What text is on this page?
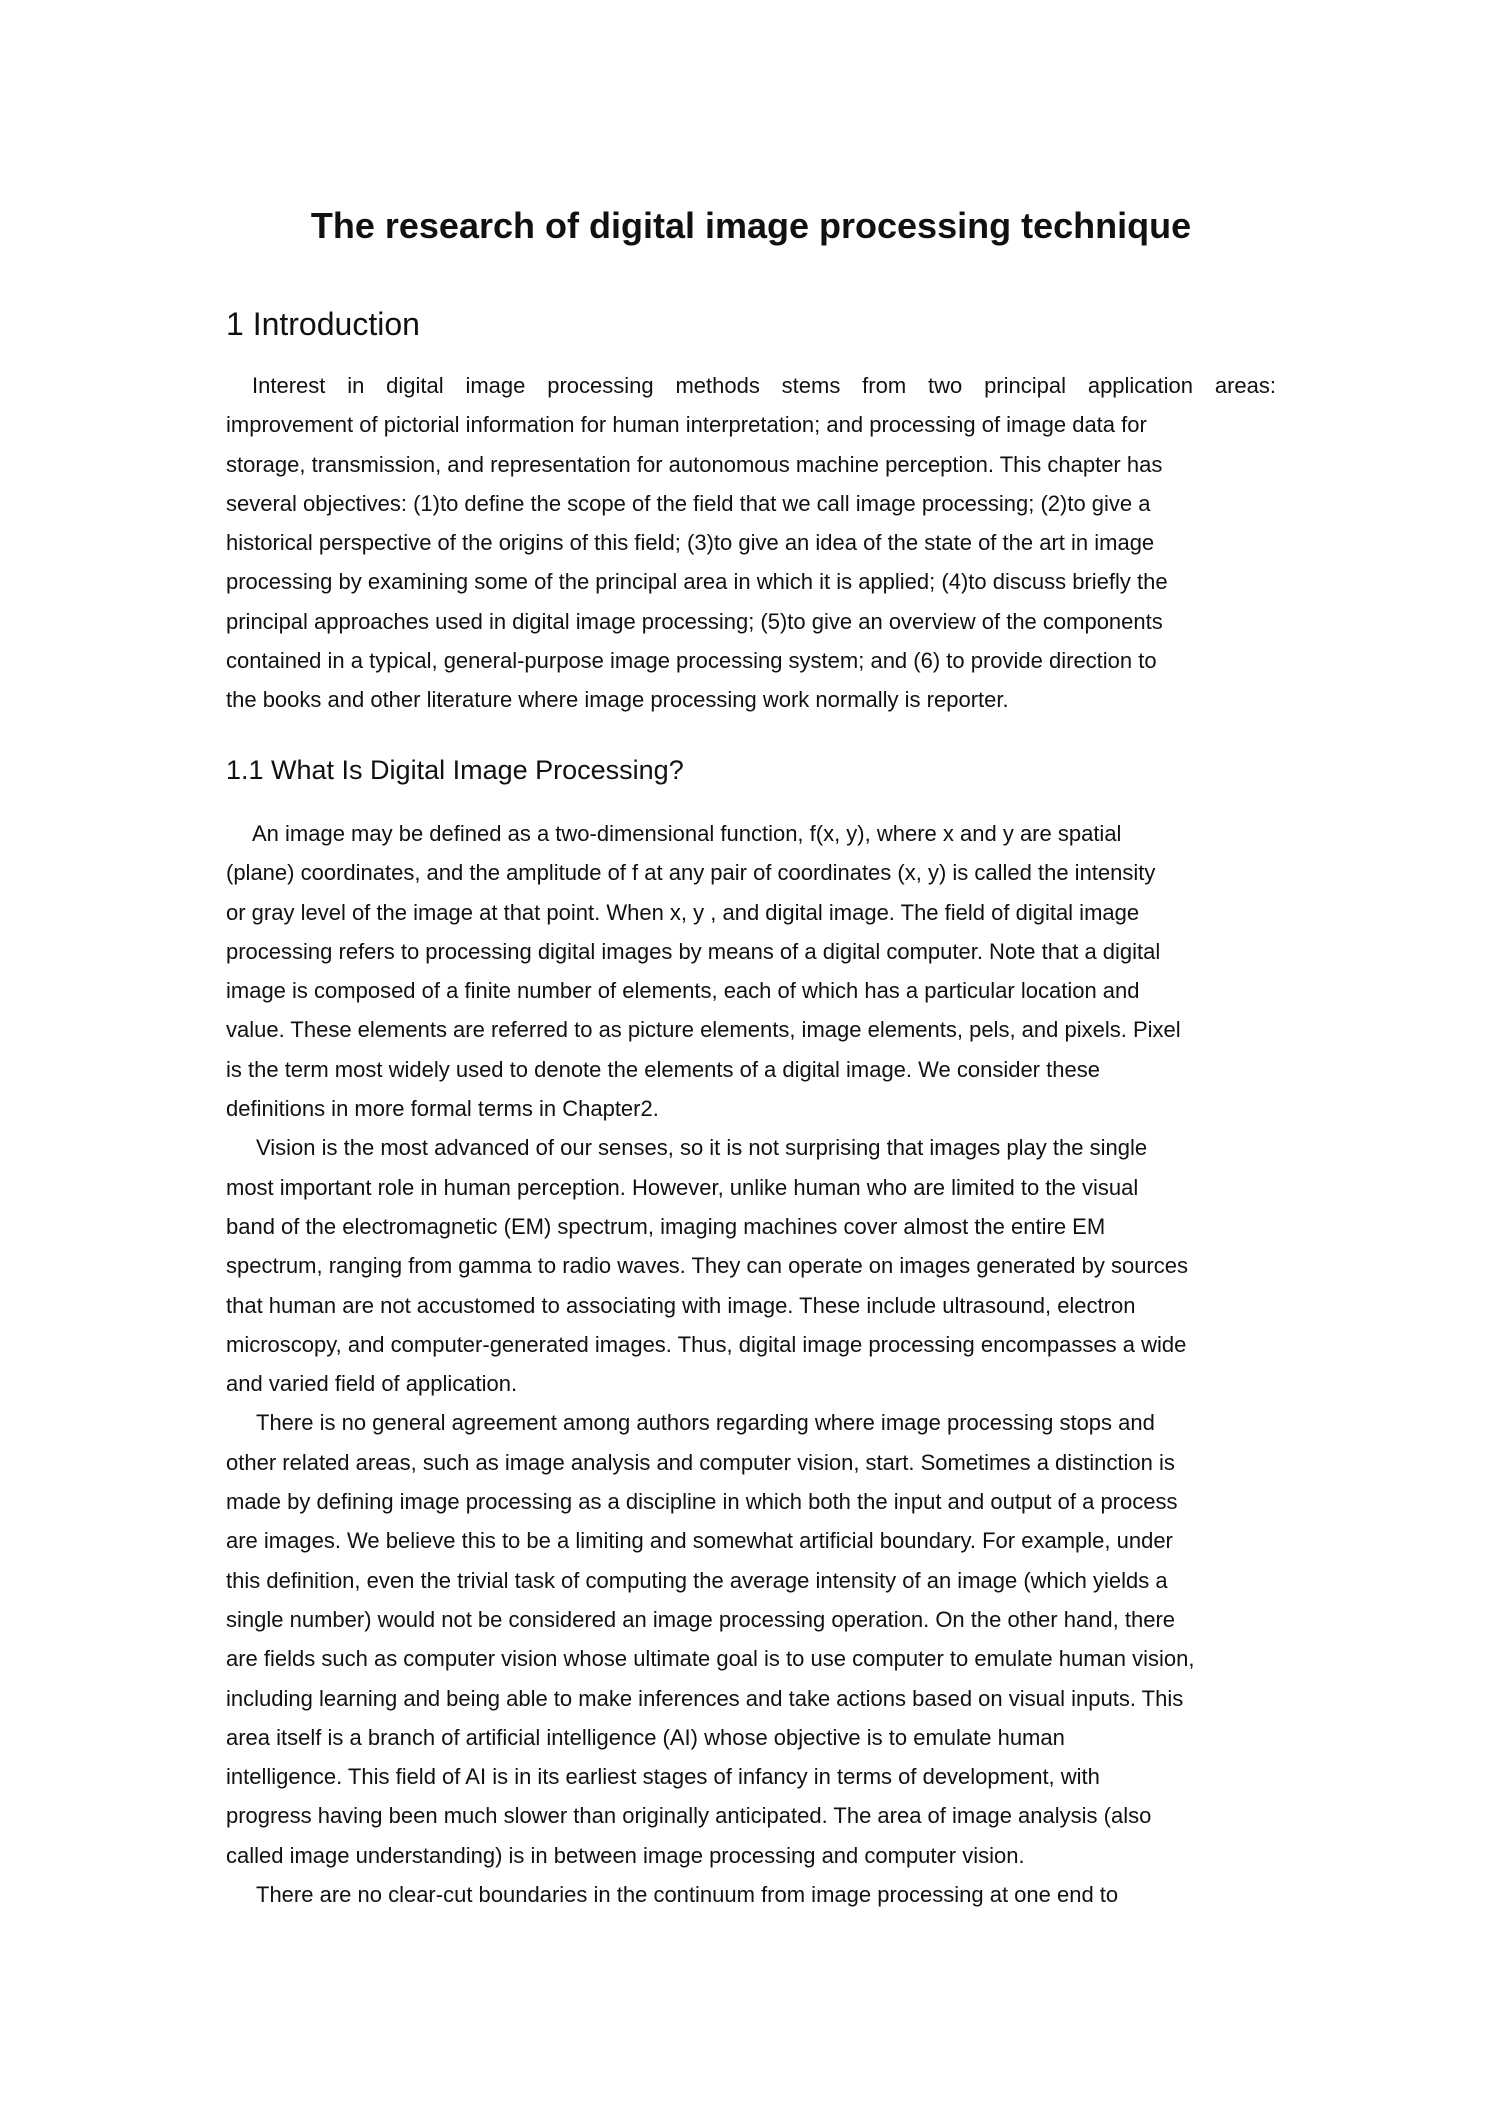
The research of digital image processing technique
1 Introduction
Interest in digital image processing methods stems from two principal application areas:
improvement of pictorial information for human interpretation; and processing of image data for
storage, transmission, and representation for autonomous machine perception. This chapter has
several objectives: (1)to define the scope of the field that we call image processing; (2)to give a
historical perspective of the origins of this field; (3)to give an idea of the state of the art in image
processing by examining some of the principal area in which it is applied; (4)to discuss briefly the
principal approaches used in digital image processing; (5)to give an overview of the components
contained in a typical, general-purpose image processing system; and (6) to provide direction to
the books and other literature where image processing work normally is reporter.
1.1 What Is Digital Image Processing?
An image may be defined as a two-dimensional function, f(x, y), where x and y are spatial
(plane) coordinates, and the amplitude of f at any pair of coordinates (x, y) is called the intensity
or gray level of the image at that point. When x, y , and digital image. The field of digital image
processing refers to processing digital images by means of a digital computer. Note that a digital
image is composed of a finite number of elements, each of which has a particular location and
value. These elements are referred to as picture elements, image elements, pels, and pixels. Pixel
is the term most widely used to denote the elements of a digital image. We consider these
definitions in more formal terms in Chapter2.
Vision is the most advanced of our senses, so it is not surprising that images play the single
most important role in human perception. However, unlike human who are limited to the visual
band of the electromagnetic (EM) spectrum, imaging machines cover almost the entire EM
spectrum, ranging from gamma to radio waves. They can operate on images generated by sources
that human are not accustomed to associating with image. These include ultrasound, electron
microscopy, and computer-generated images. Thus, digital image processing encompasses a wide
and varied field of application.
There is no general agreement among authors regarding where image processing stops and
other related areas, such as image analysis and computer vision, start. Sometimes a distinction is
made by defining image processing as a discipline in which both the input and output of a process
are images. We believe this to be a limiting and somewhat artificial boundary. For example, under
this definition, even the trivial task of computing the average intensity of an image (which yields a
single number) would not be considered an image processing operation. On the other hand, there
are fields such as computer vision whose ultimate goal is to use computer to emulate human vision,
including learning and being able to make inferences and take actions based on visual inputs. This
area itself is a branch of artificial intelligence (AI) whose objective is to emulate human
intelligence. This field of AI is in its earliest stages of infancy in terms of development, with
progress having been much slower than originally anticipated. The area of image analysis (also
called image understanding) is in between image processing and computer vision.
There are no clear-cut boundaries in the continuum from image processing at one end to
